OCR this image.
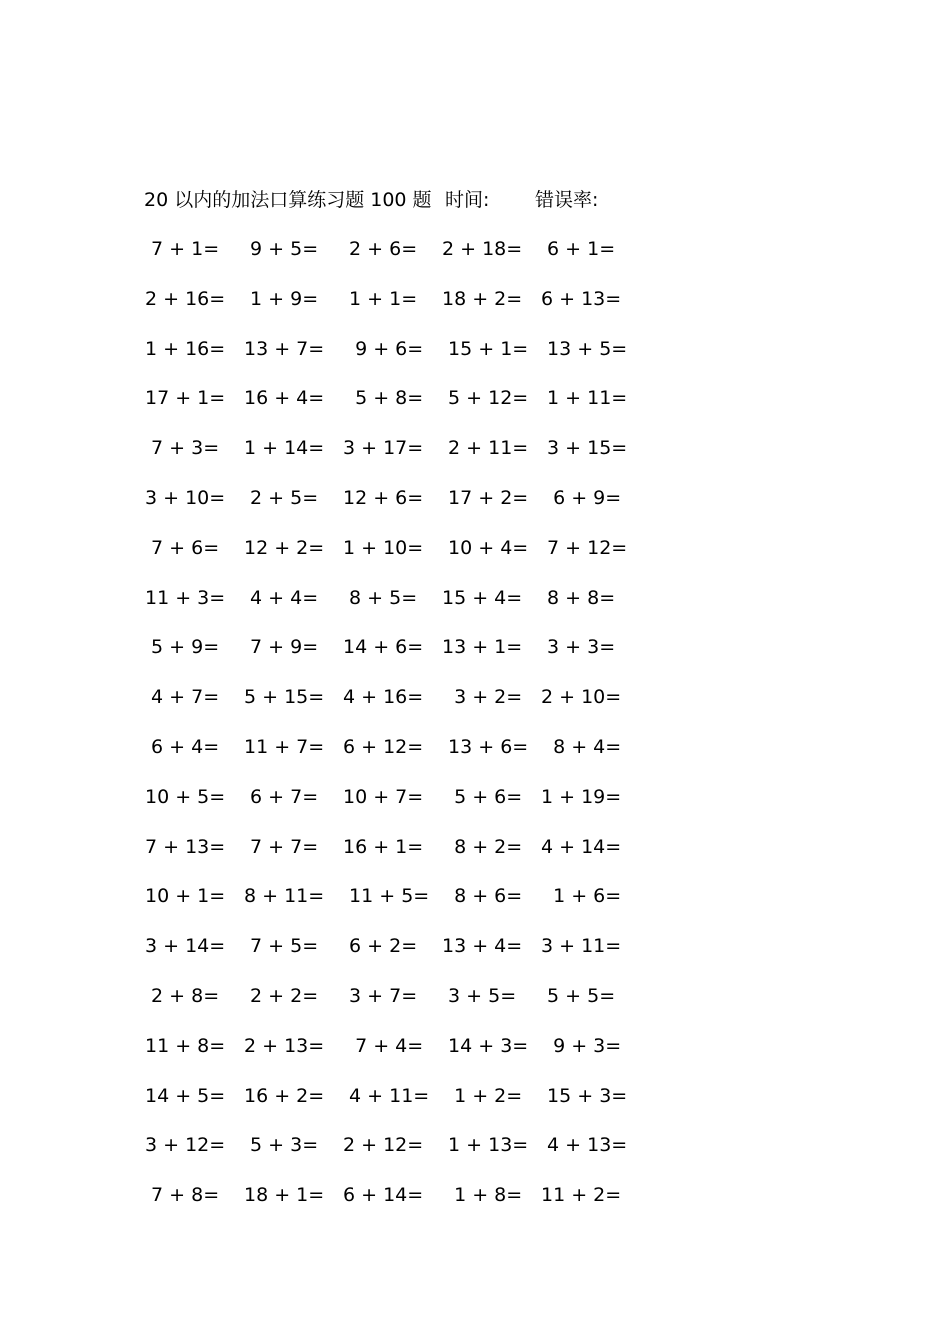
20 以内的加法口算练习题 100 题 时间: 错误率:
7 + 1=	9 + 5=	2 + 6=	2 + 18= 6 + 1=
2 + 16= 1 + 9=	1 + 1=	18 + 2= 6 + 13=
1 + 16= 13 + 7= 9 + 6= 15 + 1= 13 + 5=
17 + 1= 16 + 4= 5 + 8= 5 + 12= 1 + 11=
7 + 3=	1 + 14= 3 + 17= 2 + 11= 3 + 15=
3 + 10= 2 + 5=	12 + 6= 17 + 2= 6 + 9=
7 + 6=	12 + 2= 1 + 10= 10 + 4= 7 + 12=
11 + 3= 4 + 4=	8 + 5=	15 + 4= 8 + 8=
5 + 9=	7 + 9=	14 + 6= 13 + 1= 3 + 3=
4 + 7=	5 + 15= 4 + 16= 3 + 2= 2 + 10=
6 + 4=	11 + 7= 6 + 12= 13 + 6= 8 + 4=
10 + 5= 6 + 7=	10 + 7= 5 + 6= 1 + 19=
7 + 13= 7 + 7=	16 + 1= 8 + 2= 4 + 14=
10 + 1= 8 + 11= 11 + 5= 8 + 6= 1 + 6=
3 + 14= 7 + 5=	6 + 2=	13 + 4= 3 + 11=
2 + 8=	2 + 2=	3 + 7=	3 + 5=	5 + 5=
11 + 8= 2 + 13= 7 + 4= 14 + 3= 9 + 3=
14 + 5= 16 + 2= 4 + 11= 1 + 2= 15 + 3=
3 + 12= 5 + 3=	2 + 12= 1 + 13= 4 + 13=
7 + 8=	18 + 1= 6 + 14= 1 + 8= 11 + 2=
